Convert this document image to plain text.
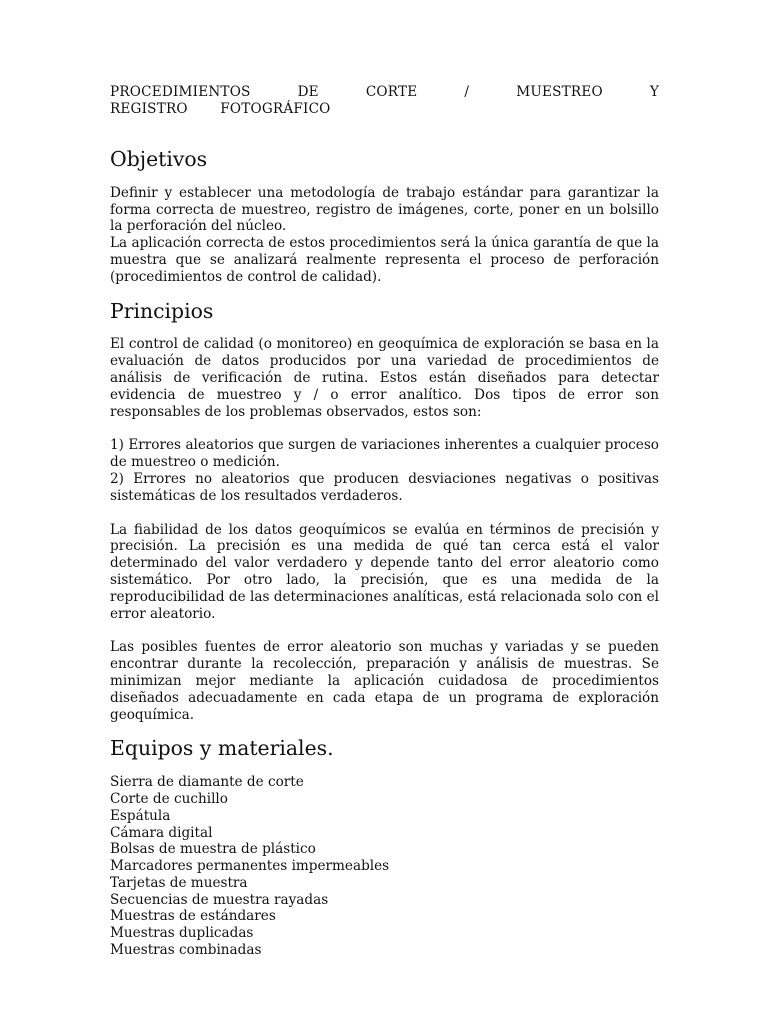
PROCEDIMIENTOS DE CORTE / MUESTREO Y REGISTRO FOTOGRÁFICO
Objetivos

Definir y establecer una metodología de trabajo estándar para garantizar la forma correcta de muestreo, registro de imágenes, corte, poner en un bolsillo la perforación del núcleo.

La aplicación correcta de estos procedimientos será la única garantía de que la muestra que se analizará realmente representa el proceso de perforación (procedimientos de control de calidad).

Principios

El control de calidad (o monitoreo) en geoquímica de exploración se basa en la evaluación de datos producidos por una variedad de procedimientos de análisis de verificación de rutina. Estos están diseñados para detectar evidencia de muestreo y / o error analítico. Dos tipos de error son responsables de los problemas observados, estos son:

1) Errores aleatorios que surgen de variaciones inherentes a cualquier proceso de muestreo o medición.

2) Errores no aleatorios que producen desviaciones negativas o positivas sistemáticas de los resultados verdaderos.

La fiabilidad de los datos geoquímicos se evalúa en términos de precisión y precisión. La precisión es una medida de qué tan cerca está el valor determinado del valor verdadero y depende tanto del error aleatorio como sistemático. Por otro lado, la precisión, que es una medida de la reproducibilidad de las determinaciones analíticas, está relacionada solo con el error aleatorio.

Las posibles fuentes de error aleatorio son muchas y variadas y se pueden encontrar durante la recolección, preparación y análisis de muestras. Se minimizan mejor mediante la aplicación cuidadosa de procedimientos diseñados adecuadamente en cada etapa de un programa de exploración geoquímica.

Equipos y materiales.
Sierra de diamante de corte
Corte de cuchillo
Espátula
Cámara digital
Bolsas de muestra de plástico
Marcadores permanentes impermeables
Tarjetas de muestra
Secuencias de muestra rayadas
Muestras de estándares
Muestras duplicadas
Muestras combinadas
